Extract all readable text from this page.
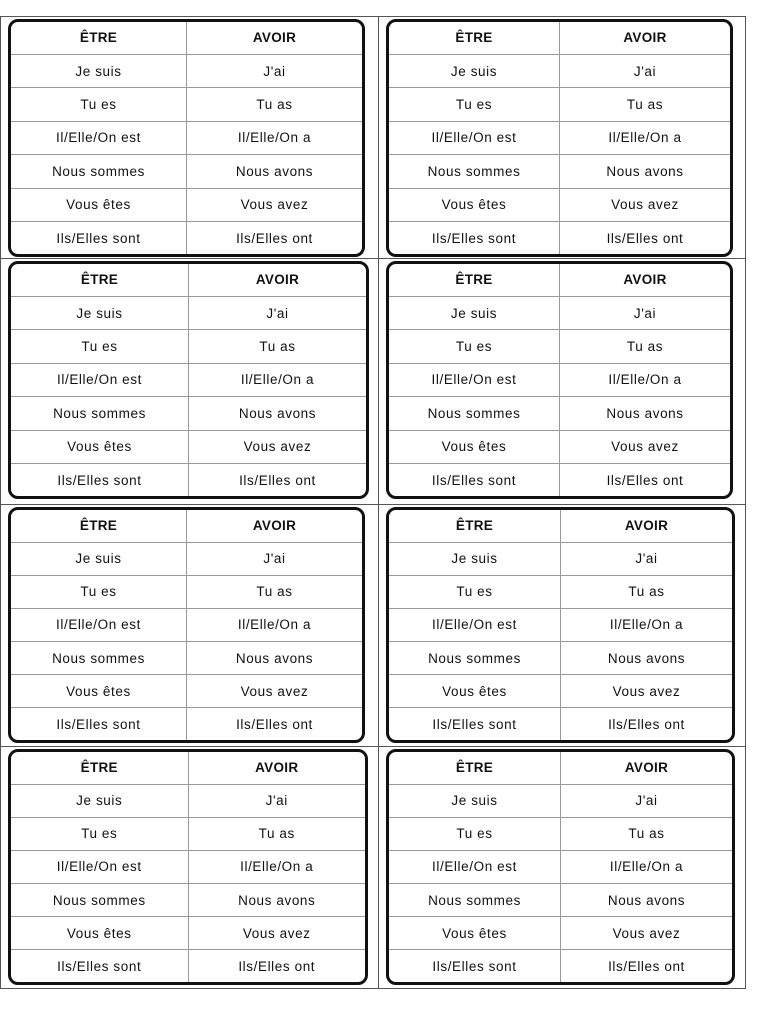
ÊTRE	AVOIR
Je suis	J'ai
Tu es	Tu as
Il/Elle/On est	Il/Elle/On a
Nous sommes	Nous avons
Vous êtes	Vous avez
Ils/Elles sont	Ils/Elles ont
ÊTRE	AVOIR
Je suis	J'ai
Tu es	Tu as
Il/Elle/On est	Il/Elle/On a
Nous sommes	Nous avons
Vous êtes	Vous avez
Ils/Elles sont	Ils/Elles ont
ÊTRE	AVOIR
Je suis	J'ai
Tu es	Tu as
Il/Elle/On est	Il/Elle/On a
Nous sommes	Nous avons
Vous êtes	Vous avez
Ils/Elles sont	Ils/Elles ont
ÊTRE	AVOIR
Je suis	J'ai
Tu es	Tu as
Il/Elle/On est	Il/Elle/On a
Nous sommes	Nous avons
Vous êtes	Vous avez
Ils/Elles sont	Ils/Elles ont
ÊTRE	AVOIR
Je suis	J'ai
Tu es	Tu as
Il/Elle/On est	Il/Elle/On a
Nous sommes	Nous avons
Vous êtes	Vous avez
Ils/Elles sont	Ils/Elles ont
ÊTRE	AVOIR
Je suis	J'ai
Tu es	Tu as
Il/Elle/On est	Il/Elle/On a
Nous sommes	Nous avons
Vous êtes	Vous avez
Ils/Elles sont	Ils/Elles ont
ÊTRE	AVOIR
Je suis	J'ai
Tu es	Tu as
Il/Elle/On est	Il/Elle/On a
Nous sommes	Nous avons
Vous êtes	Vous avez
Ils/Elles sont	Ils/Elles ont
ÊTRE	AVOIR
Je suis	J'ai
Tu es	Tu as
Il/Elle/On est	Il/Elle/On a
Nous sommes	Nous avons
Vous êtes	Vous avez
Ils/Elles sont	Ils/Elles ont
